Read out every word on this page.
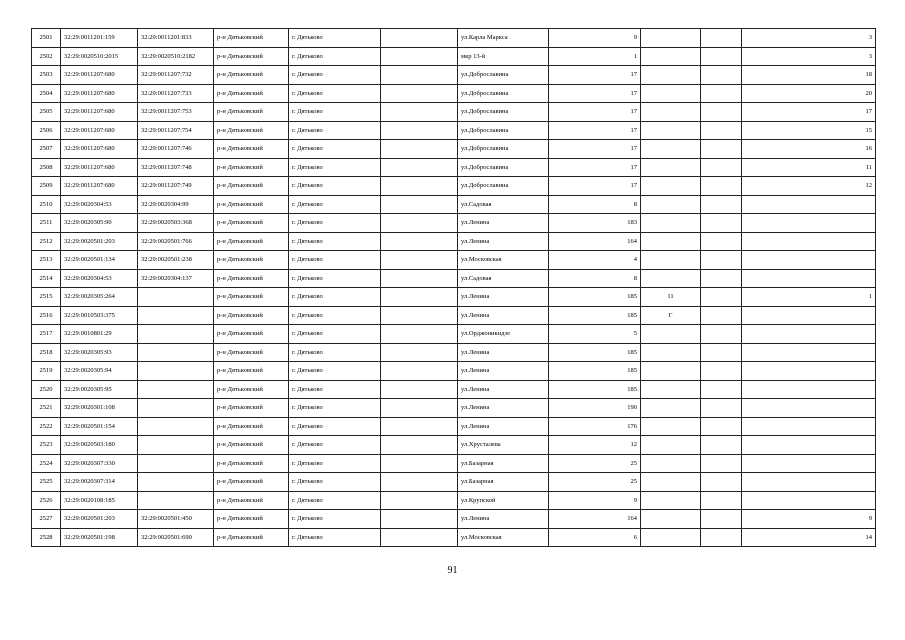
2501	32:29:0011201:159	32:29:0011201:833	р-н Дятьковский	г. Дятьково		ул.Карла Маркса	9			3
2502	32:29:0020510:2015	32:29:0020510:2182	р-н Дятьковский	г. Дятьково		мкр 13-й	1			3
2503	32:29:0011207:680	32:29:0011207:732	р-н Дятьковский	г. Дятьково		ул.Доброславина	17			18
2504	32:29:0011207:680	32:29:0011207:733	р-н Дятьковский	г. Дятьково		ул.Доброславина	17			20
2505	32:29:0011207:680	32:29:0011207:753	р-н Дятьковский	г. Дятьково		ул.Доброславина	17			17
2506	32:29:0011207:680	32:29:0011207:754	р-н Дятьковский	г. Дятьково		ул.Доброславина	17			15
2507	32:29:0011207:680	32:29:0011207:746	р-н Дятьковский	г. Дятьково		ул.Доброславина	17			16
2508	32:29:0011207:680	32:29:0011207:748	р-н Дятьковский	г. Дятьково		ул.Доброславина	17			11
2509	32:29:0011207:680	32:29:0011207:749	р-н Дятьковский	г. Дятьково		ул.Доброславина	17			12
2510	32:29:0020304:53	32:29:0020304:99	р-н Дятьковский	г. Дятьково		ул.Садовая	8			
2511	32:29:0020305:90	32:29:0020503:368	р-н Дятьковский	г. Дятьково		ул.Ленина	183			
2512	32:29:0020501:203	32:29:0020501:766	р-н Дятьковский	г. Дятьково		ул.Ленина	164			
2513	32:29:0020501:134	32:29:0020501:238	р-н Дятьковский	г. Дятьково		ул.Московская	4			
2514	32:29:0020304:53	32:29:0020304:137	р-н Дятьковский	г. Дятьково		ул.Садовая	8			
2515	32:29:0020305:264		р-н Дятьковский	г. Дятьково		ул.Ленина	185	11		1
2516	32:29:0010503:375		р-н Дятьковский	г. Дятьково		ул.Ленина	185	Г		
2517	32:29:0010801:29		р-н Дятьковский	г. Дятьково		ул.Орджоникидзе	5			
2518	32:29:0020305:93		р-н Дятьковский	г. Дятьково		ул.Ленина	185			
2519	32:29:0020305:94		р-н Дятьковский	г. Дятьково		ул.Ленина	185			
2520	32:29:0020305:95		р-н Дятьковский	г. Дятьково		ул.Ленина	185			
2521	32:29:0020301:108		р-н Дятьковский	г. Дятьково		ул.Ленина	190			
2522	32:29:0020501:154		р-н Дятьковский	г. Дятьково		ул.Ленина	176			
2523	32:29:0020503:180		р-н Дятьковский	г. Дятьково		ул.Хрусталева	12			
2524	32:29:0020307:330		р-н Дятьковский	г. Дятьково		ул.Базарная	25			
2525	32:29:0020307:314		р-н Дятьковский	г. Дятьково		ул.Базарная	25			
2526	32:29:0020108:185		р-н Дятьковский	г. Дятьково		ул.Крупской	9			
2527	32:29:0020501:203	32:29:0020501:450	р-н Дятьковский	г. Дятьково		ул.Ленина	164			9
2528	32:29:0020501:198	32:29:0020501:690	р-н Дятьковский	г. Дятьково		ул.Московская	6			14
91
